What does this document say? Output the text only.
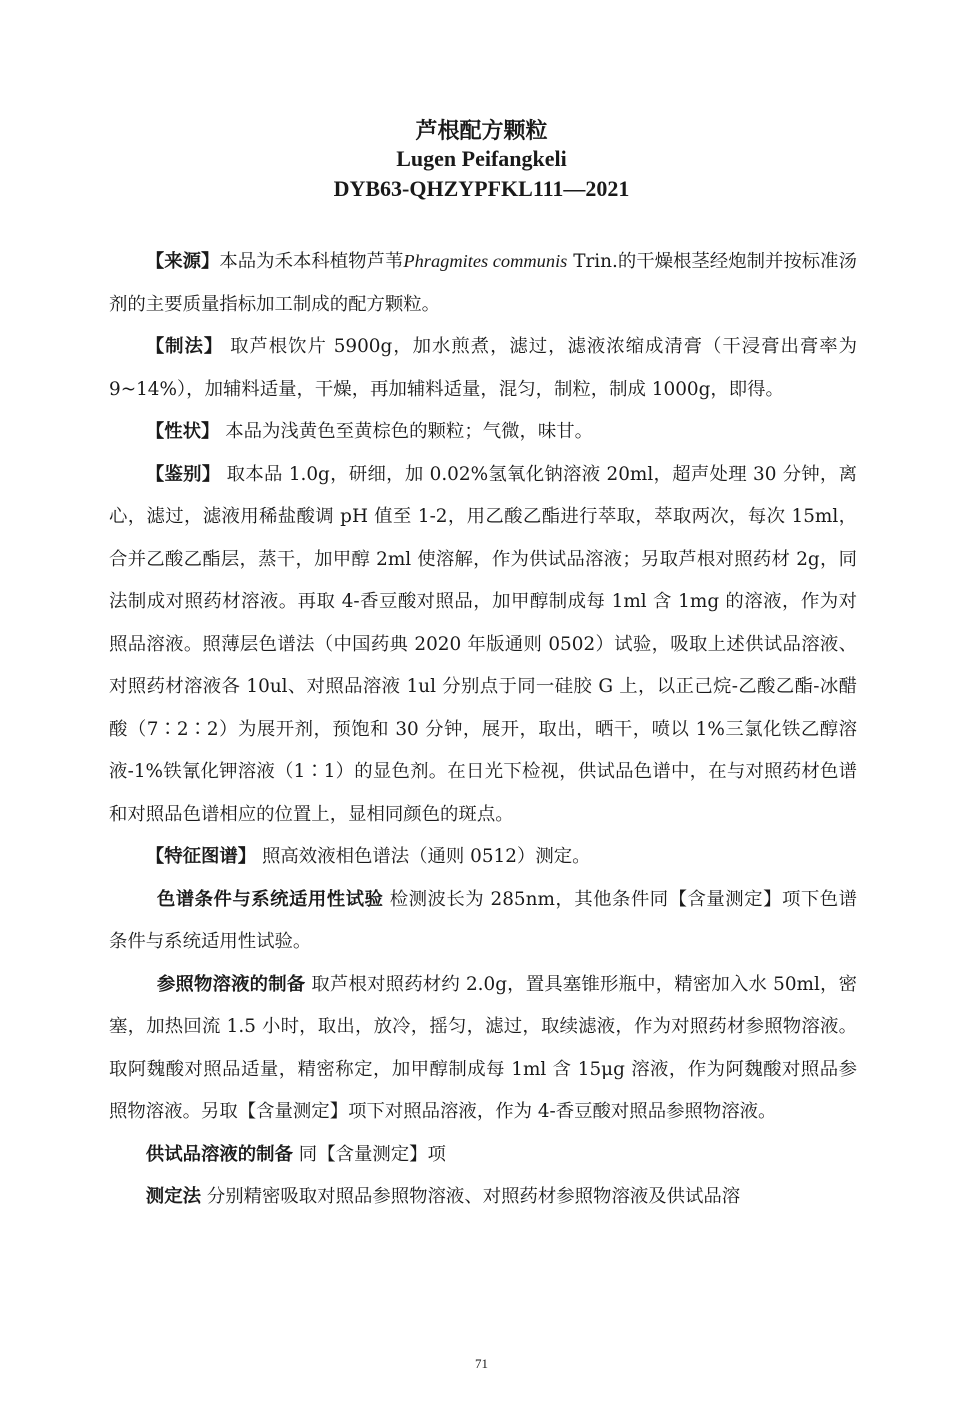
芦根配方颗粒
Lugen Peifangkeli
DYB63-QHZYPFKL111—2021

【来源】本品为禾本科植物芦苇Phragmites communis Trin.的干燥根茎经炮制并按标准汤剂的主要质量指标加工制成的配方颗粒。

【制法】 取芦根饮片 5900g，加水煎煮，滤过，滤液浓缩成清膏（干浸膏出膏率为 9~14%），加辅料适量，干燥，再加辅料适量，混匀，制粒，制成 1000g，即得。

【性状】 本品为浅黄色至黄棕色的颗粒；气微，味甘。

【鉴别】 取本品 1.0g，研细，加 0.02%氢氧化钠溶液 20ml，超声处理 30 分钟，离心，滤过，滤液用稀盐酸调 pH 值至 1-2，用乙酸乙酯进行萃取，萃取两次，每次 15ml，合并乙酸乙酯层，蒸干，加甲醇 2ml 使溶解，作为供试品溶液；另取芦根对照药材 2g，同法制成对照药材溶液。再取 4-香豆酸对照品，加甲醇制成每 1ml 含 1mg 的溶液，作为对照品溶液。照薄层色谱法（中国药典 2020 年版通则 0502）试验，吸取上述供试品溶液、对照药材溶液各 10ul、对照品溶液 1ul 分别点于同一硅胶 G 上，以正己烷-乙酸乙酯-冰醋酸（7∶2∶2）为展开剂，预饱和 30 分钟，展开，取出，晒干，喷以 1%三氯化铁乙醇溶液-1%铁氰化钾溶液（1∶1）的显色剂。在日光下检视，供试品色谱中，在与对照药材色谱和对照品色谱相应的位置上，显相同颜色的斑点。

【特征图谱】 照高效液相色谱法（通则 0512）测定。

色谱条件与系统适用性试验 检测波长为 285nm，其他条件同【含量测定】项下色谱条件与系统适用性试验。

参照物溶液的制备 取芦根对照药材约 2.0g，置具塞锥形瓶中，精密加入水 50ml，密塞，加热回流 1.5 小时，取出，放冷，摇匀，滤过，取续滤液，作为对照药材参照物溶液。取阿魏酸对照品适量，精密称定，加甲醇制成每 1ml 含 15μg 溶液，作为阿魏酸对照品参照物溶液。另取【含量测定】项下对照品溶液，作为 4-香豆酸对照品参照物溶液。

供试品溶液的制备 同【含量测定】项

测定法 分别精密吸取对照品参照物溶液、对照药材参照物溶液及供试品溶

71
